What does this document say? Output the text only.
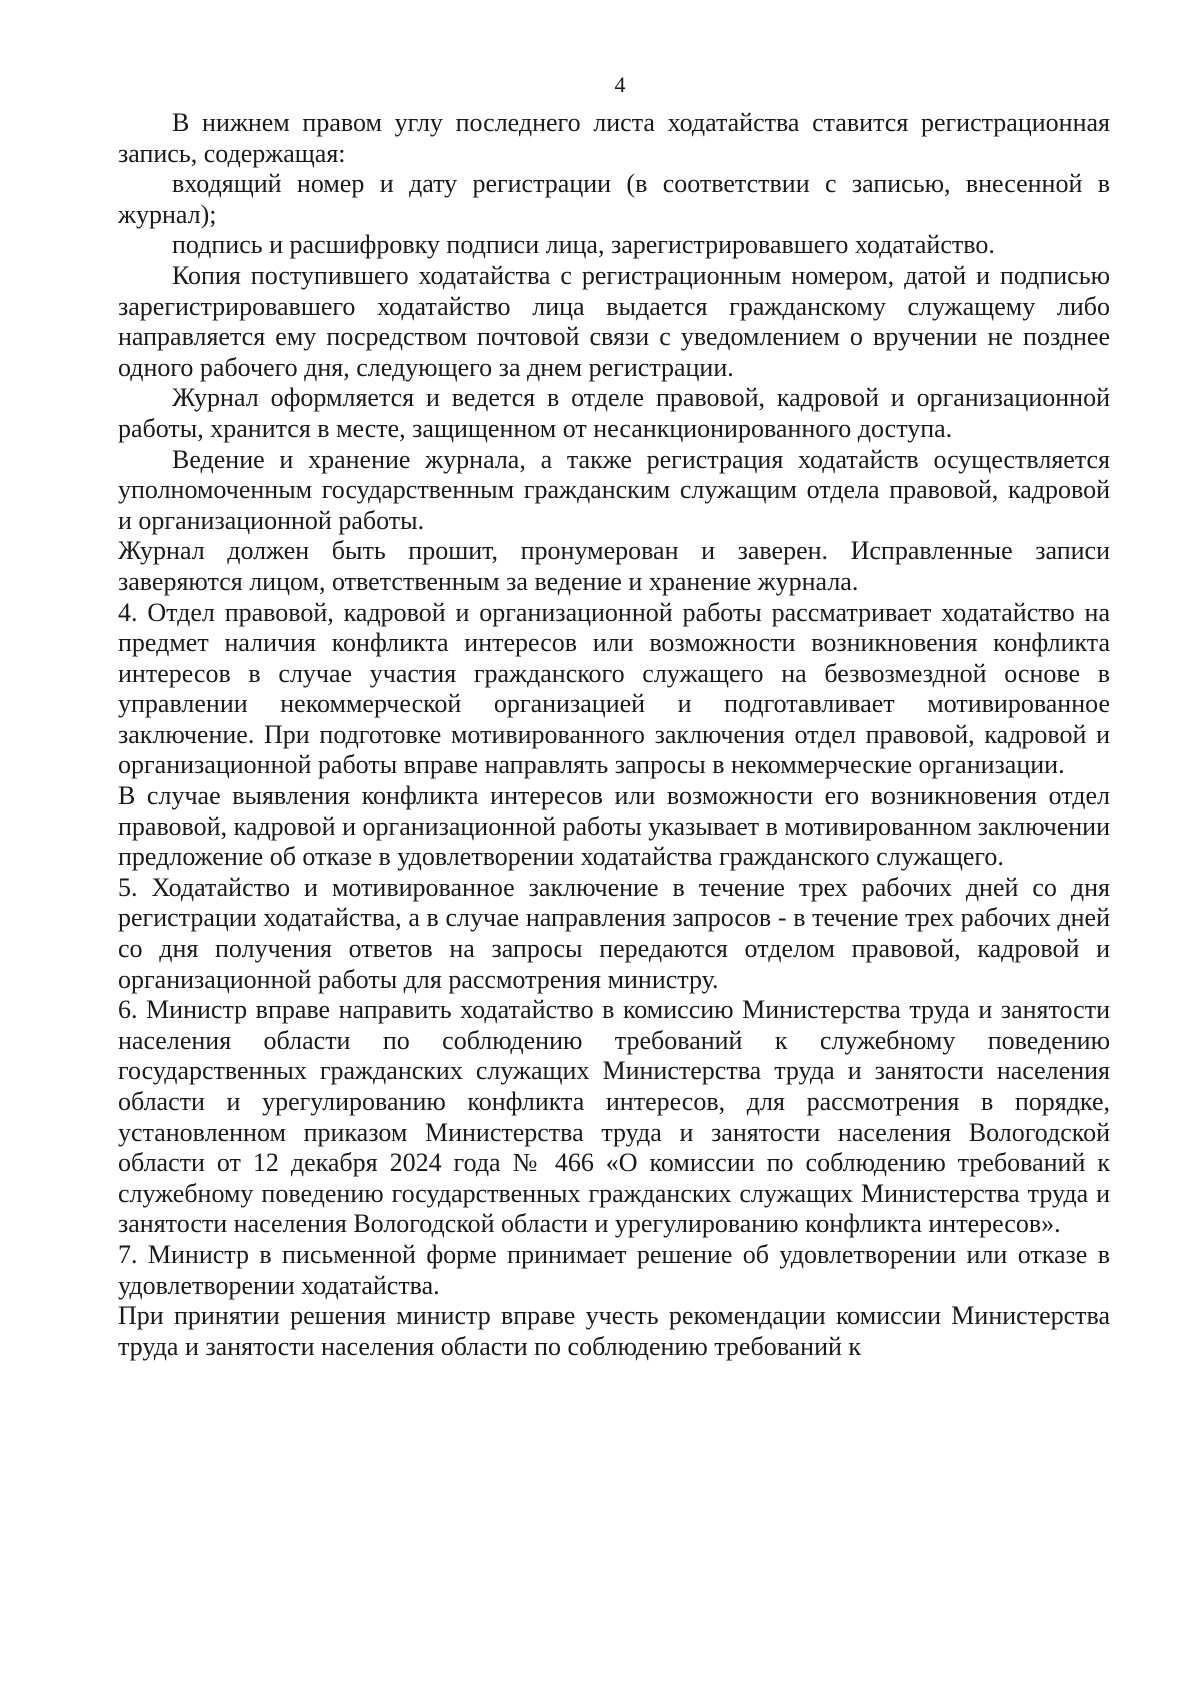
4

В нижнем правом углу последнего листа ходатайства ставится регистрационная запись, содержащая:

входящий номер и дату регистрации (в соответствии с записью, внесенной в журнал);

подпись и расшифровку подписи лица, зарегистрировавшего ходатайство.

Копия поступившего ходатайства с регистрационным номером, датой и подписью зарегистрировавшего ходатайство лица выдается гражданскому служащему либо направляется ему посредством почтовой связи с уведомлением о вручении не позднее одного рабочего дня, следующего за днем регистрации.

Журнал оформляется и ведется в отделе правовой, кадровой и организационной работы, хранится в месте, защищенном от несанкционированного доступа.

Ведение и хранение журнала, а также регистрация ходатайств осуществляется уполномоченным государственным гражданским служащим отдела правовой, кадровой и организационной работы.

Журнал должен быть прошит, пронумерован и заверен. Исправленные записи заверяются лицом, ответственным за ведение и хранение журнала.

4. Отдел правовой, кадровой и организационной работы рассматривает ходатайство на предмет наличия конфликта интересов или возможности возникновения конфликта интересов в случае участия гражданского служащего на безвозмездной основе в управлении некоммерческой организацией и подготавливает мотивированное заключение. При подготовке мотивированного заключения отдел правовой, кадровой и организационной работы вправе направлять запросы в некоммерческие организации.

В случае выявления конфликта интересов или возможности его возникновения отдел правовой, кадровой и организационной работы указывает в мотивированном заключении предложение об отказе в удовлетворении ходатайства гражданского служащего.

5. Ходатайство и мотивированное заключение в течение трех рабочих дней со дня регистрации ходатайства, а в случае направления запросов - в течение трех рабочих дней со дня получения ответов на запросы передаются отделом правовой, кадровой и организационной работы для рассмотрения министру.

6. Министр вправе направить ходатайство в комиссию Министерства труда и занятости населения области по соблюдению требований к служебному поведению государственных гражданских служащих Министерства труда и занятости населения области и урегулированию конфликта интересов, для рассмотрения в порядке, установленном приказом Министерства труда и занятости населения Вологодской области от 12 декабря 2024 года № 466 «О комиссии по соблюдению требований к служебному поведению государственных гражданских служащих Министерства труда и занятости населения Вологодской области и урегулированию конфликта интересов».

7. Министр в письменной форме принимает решение об удовлетворении или отказе в удовлетворении ходатайства.

При принятии решения министр вправе учесть рекомендации комиссии Министерства труда и занятости населения области по соблюдению требований к
